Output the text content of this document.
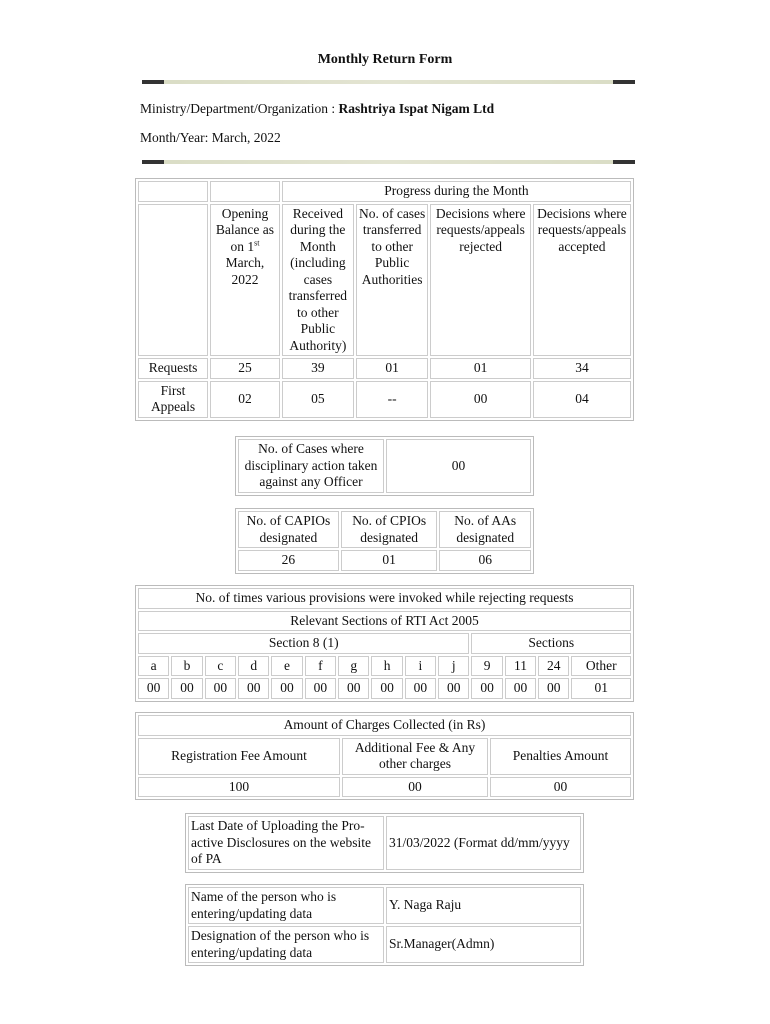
Monthly Return Form
Ministry/Department/Organization : Rashtriya Ispat Nigam Ltd
Month/Year: March, 2022
		Progress during the Month			
	Opening Balance as on 1st March, 2022	Received during the Month (including cases transferred to other Public Authority)	No. of cases transferred to other Public Authorities	Decisions where requests/appeals rejected	Decisions where requests/appeals accepted
Requests	25	39	01	01	34
First Appeals	02	05	--	00	04
No. of Cases where disciplinary action taken against any Officer	00
No. of CAPIOs designated	No. of CPIOs designated	No. of AAs designated
26	01	06
No. of times various provisions were invoked while rejecting requests													
Relevant Sections of RTI Act 2005													
Section 8 (1)										Sections			
a	b	c	d	e	f	g	h	i	j	9	11	24	Other
00	00	00	00	00	00	00	00	00	00	00	00	00	01
Amount of Charges Collected (in Rs)		
Registration Fee Amount	Additional Fee & Any other charges	Penalties Amount
100	00	00
Last Date of Uploading the Pro-active Disclosures on the website of PA	31/03/2022 (Format dd/mm/yyyy
Name of the person who is entering/updating data	Y. Naga Raju
Designation of the person who is entering/updating data	Sr.Manager(Admn)
